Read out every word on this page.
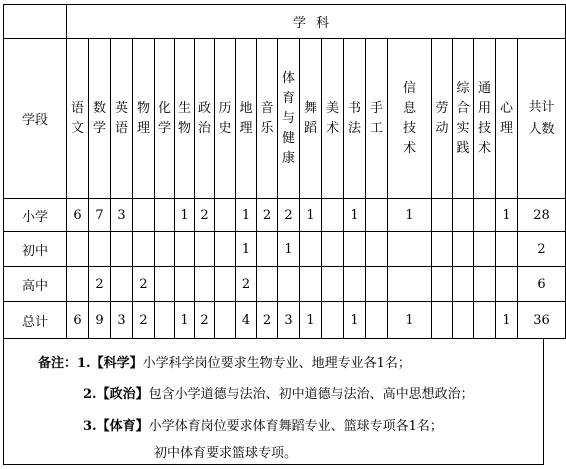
	学科																				
学段	语文	数学	英语	物理	化学	生物	政治	历史	地理	音乐	体育与健康	舞蹈	美术	书法	手工	信息技术	劳动	综合实践	通用技术	心理	共计人数
小学	6	7	3			1	2		1	2	2	1		1		1				1	28
初中									1		1										2
高中		2		2					2												6
总计	6	9	3	2		1	2		4	2	3	1		1		1				1	36
备注：1.【科学】小学科学岗位要求生物专业、地理专业各1名；
2.【政治】包含小学道德与法治、初中道德与法治、高中思想政治；
3.【体育】小学体育岗位要求体育舞蹈专业、篮球专项各1名；
初中体育要求篮球专项。
